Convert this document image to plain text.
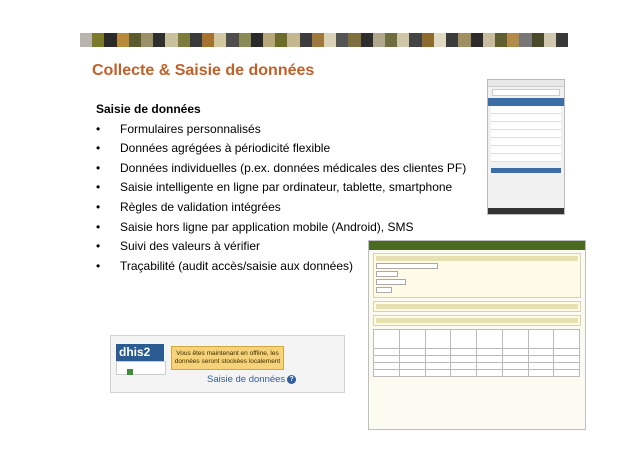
Collecte & Saisie de données
Saisie de données
•	Formulaires personnalisés
•	Données agrégées à périodicité flexible
•	Données individuelles (p.ex. données médicales des clientes PF)
•	Saisie intelligente en ligne par ordinateur, tablette, smartphone
•	Règles de validation intégrées
•	Saisie hors ligne par application mobile (Android), SMS
•	Suivi des valeurs à vérifier
•	Traçabilité (audit accès/saisie aux données)

dhis2	Vous êtes maintenant en offline, les données seront stockées localement
Saisie de données ?
